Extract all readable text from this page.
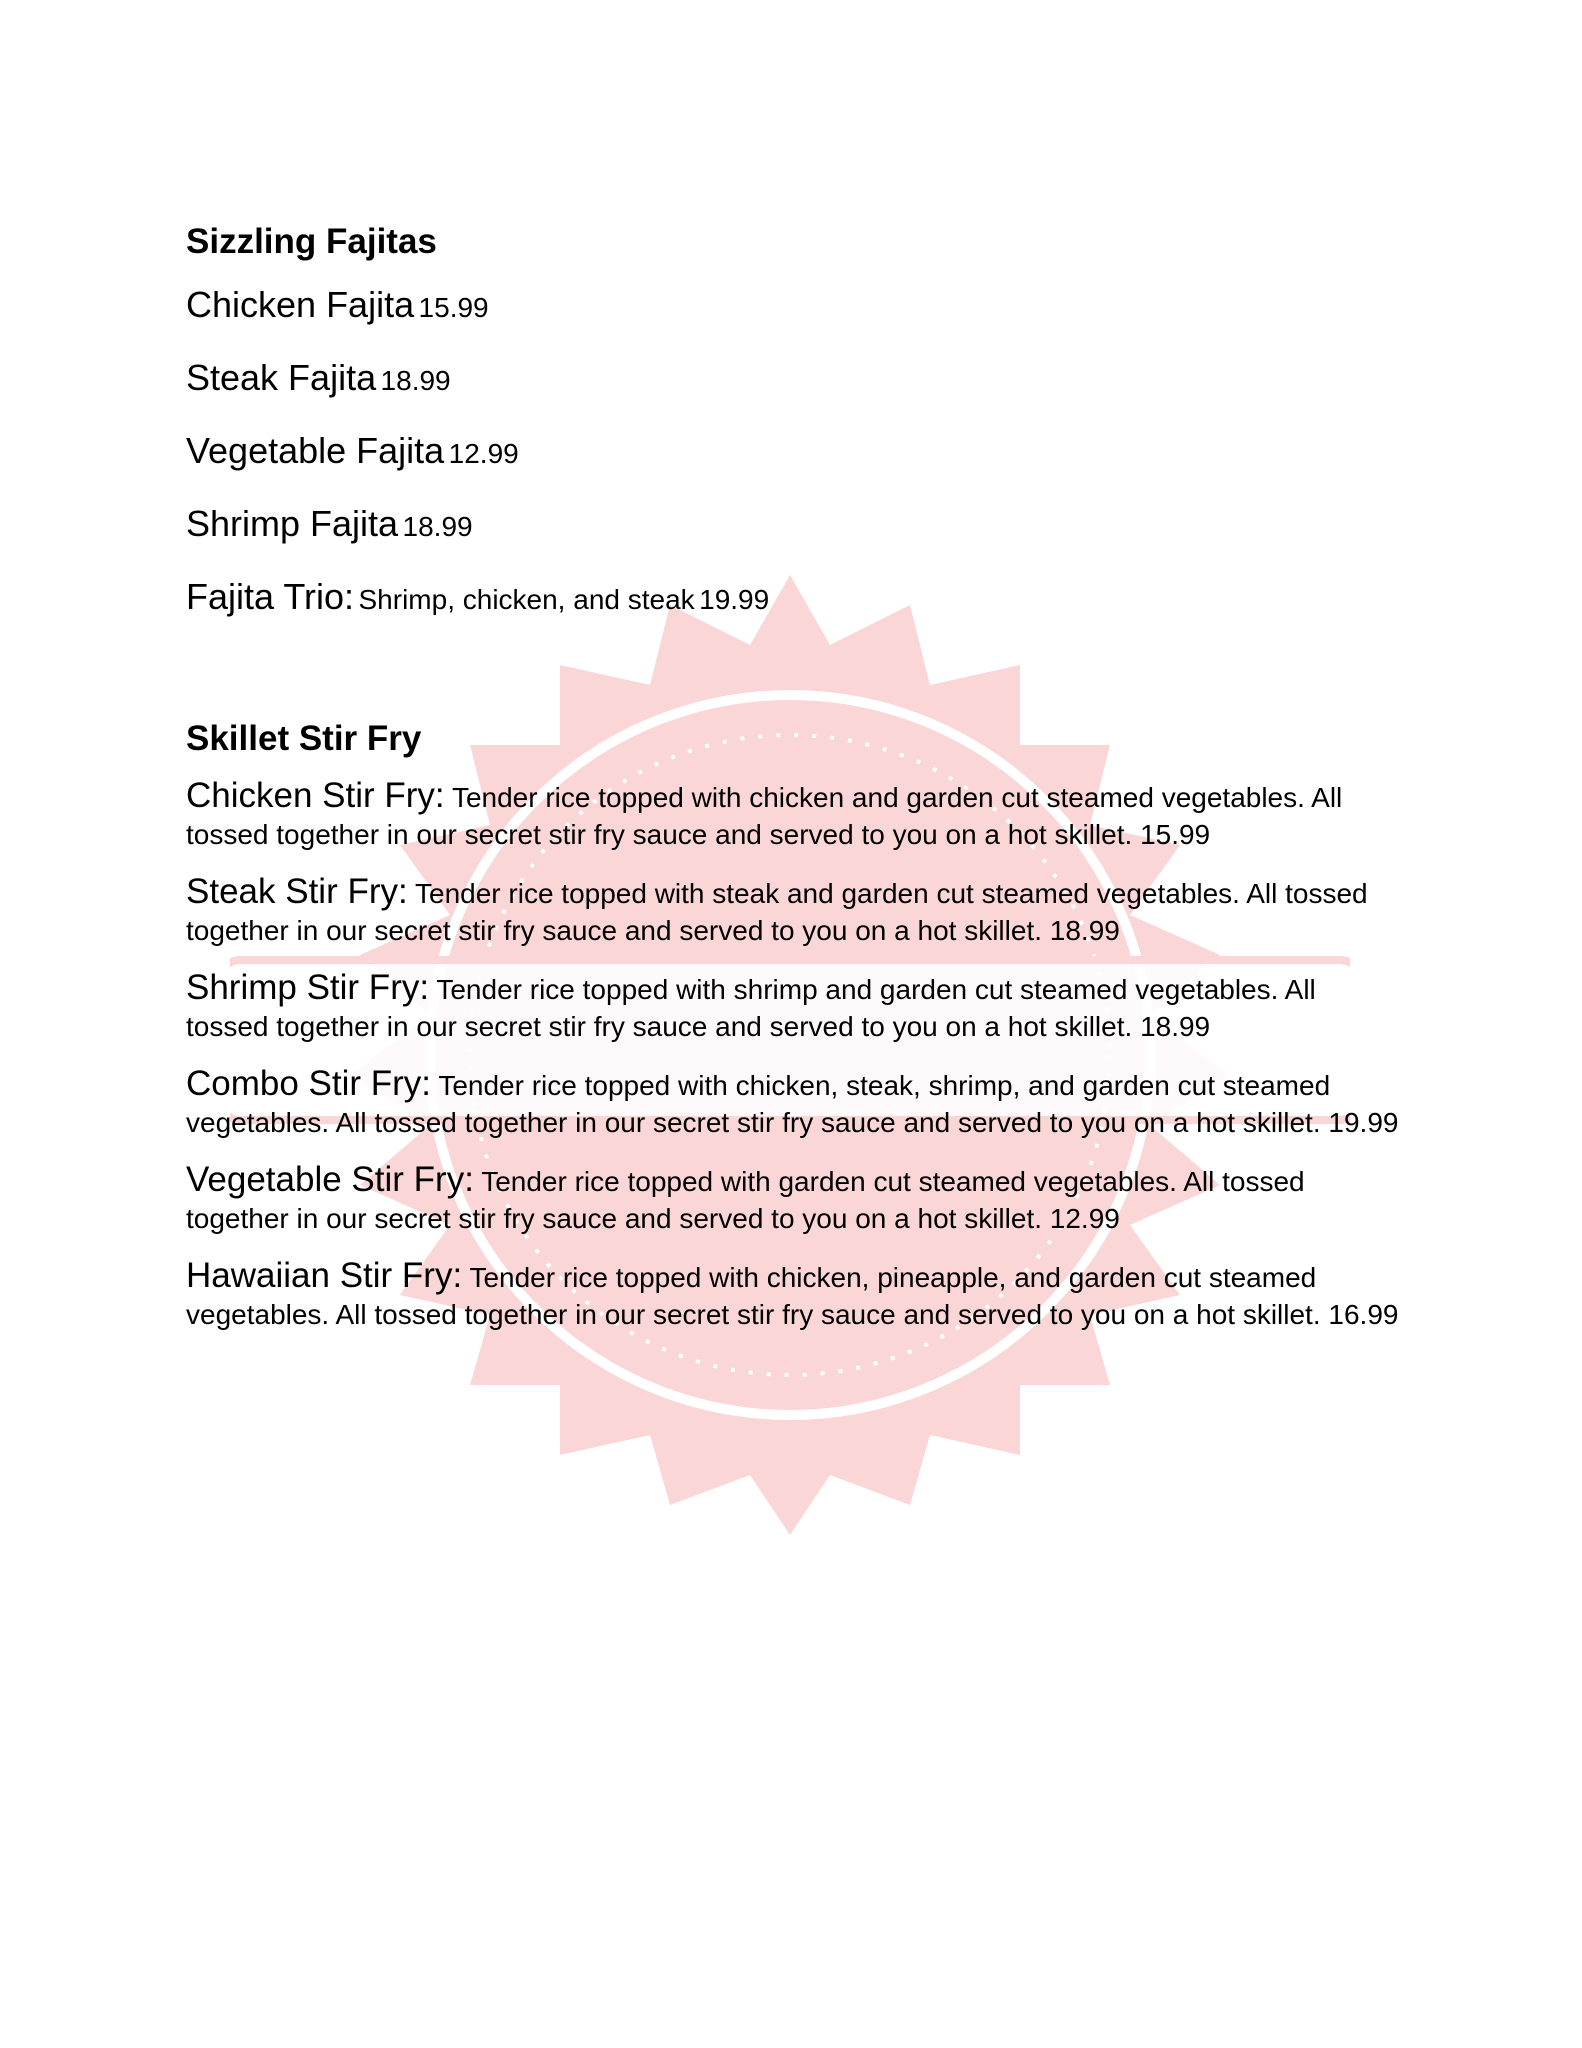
Sizzling Fajitas
Chicken Fajita 15.99
Steak Fajita 18.99
Vegetable Fajita 12.99
Shrimp Fajita 18.99
Fajita Trio: Shrimp, chicken, and steak 19.99
Skillet Stir Fry
Chicken Stir Fry: Tender rice topped with chicken and garden cut steamed vegetables. All tossed together in our secret stir fry sauce and served to you on a hot skillet. 15.99
Steak Stir Fry: Tender rice topped with steak and garden cut steamed vegetables. All tossed together in our secret stir fry sauce and served to you on a hot skillet. 18.99
Shrimp Stir Fry: Tender rice topped with shrimp and garden cut steamed vegetables. All tossed together in our secret stir fry sauce and served to you on a hot skillet. 18.99
Combo Stir Fry: Tender rice topped with chicken, steak, shrimp, and garden cut steamed vegetables. All tossed together in our secret stir fry sauce and served to you on a hot skillet. 19.99
Vegetable Stir Fry: Tender rice topped with garden cut steamed vegetables. All tossed together in our secret stir fry sauce and served to you on a hot skillet. 12.99
Hawaiian Stir Fry: Tender rice topped with chicken, pineapple, and garden cut steamed vegetables. All tossed together in our secret stir fry sauce and served to you on a hot skillet. 16.99
